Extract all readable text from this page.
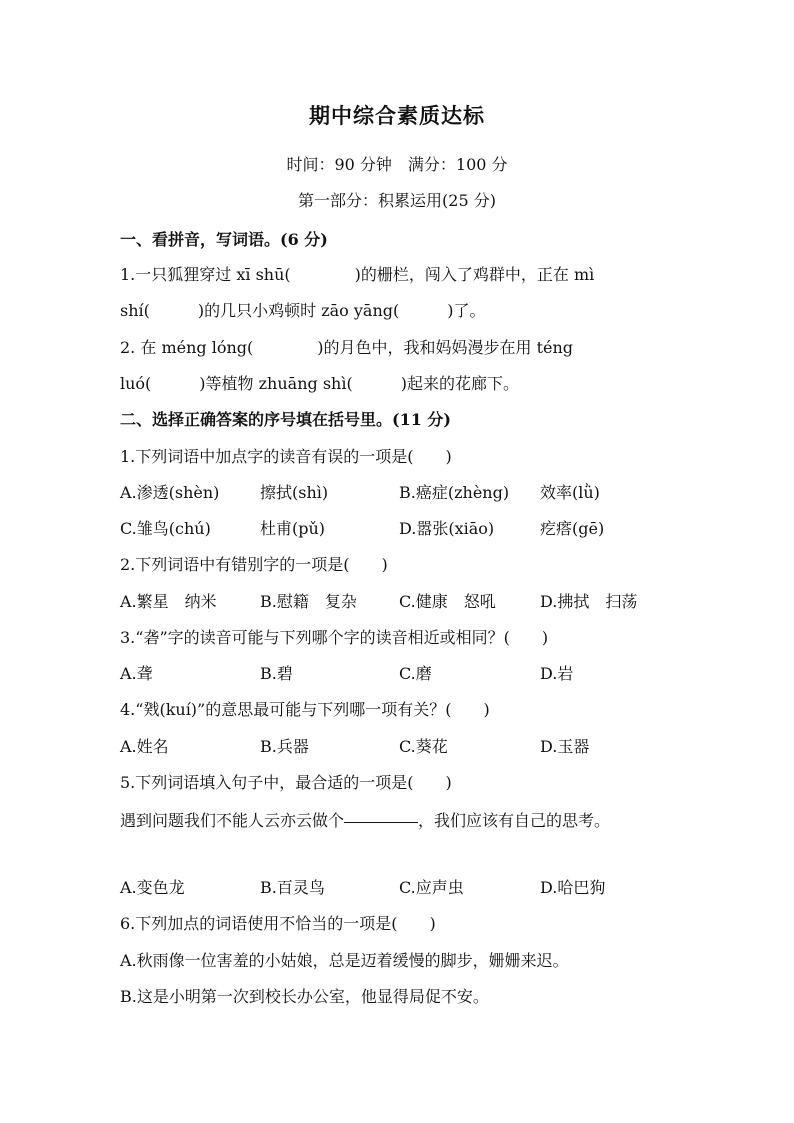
期中综合素质达标
时间：90 分钟　满分：100 分
第一部分：积累运用(25 分)
一、看拼音，写词语。(6 分)
1.一只狐狸穿过 xī shū(　　　　)的栅栏，闯入了鸡群中，正在 mì
shí(　　　)的几只小鸡顿时 zāo yāng(　　　)了。
2. 在 méng lóng(　　　　)的月色中，我和妈妈漫步在用 téng
luó(　　　)等植物 zhuāng shì(　　　)起来的花廊下。
二、选择正确答案的序号填在括号里。(11 分)
1.下列词语中加点字的读音有误的一项是(　　)
A.渗透(shèn)	擦拭(shì)	B.癌症(zhèng) 效率(lǜ)
C.雏鸟(chú)	杜甫(pǔ)	D.嚣张(xiāo)	疙瘩(gē)
2.下列词语中有错别字的一项是(　　)
A.繁星　纳米	B.慰籍　复杂	C.健康　怒吼	D.拂拭　扫荡
3.“砻”字的读音可能与下列哪个字的读音相近或相同？(　　)
A.聋	B.碧	C.磨	D.岩
4.“戣(kuí)”的意思最可能与下列哪一项有关？(　　)
A.姓名	B.兵器	C.葵花	D.玉器
5.下列词语填入句子中，最合适的一项是(　　)
遇到问题我们不能人云亦云做个	，我们应该有自己的思考。
A.变色龙	B.百灵鸟	C.应声虫	D.哈巴狗
6.下列加点的词语使用不恰当的一项是(　　)
A.秋雨像一位害羞的小姑娘，总是迈着缓慢的脚步，姗姗来迟。
B.这是小明第一次到校长办公室，他显得局促不安。
